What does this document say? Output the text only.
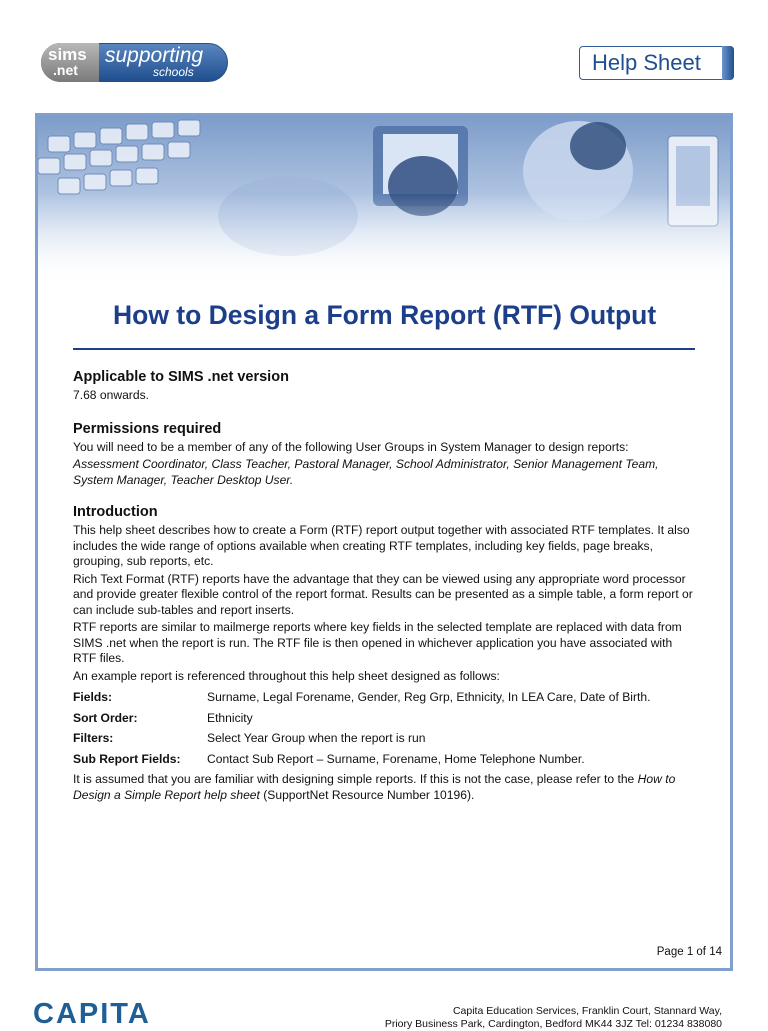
sims
.net
supporting
schools	Help Sheet
How to Design a Form Report (RTF) Output
Applicable to SIMS .net version
7.68 onwards.
Permissions required
You will need to be a member of any of the following User Groups in System Manager to design reports:
Assessment Coordinator, Class Teacher, Pastoral Manager, School Administrator, Senior Management Team, System Manager, Teacher Desktop User.
Introduction
This help sheet describes how to create a Form (RTF) report output together with associated RTF templates. It also includes the wide range of options available when creating RTF templates, including key fields, page breaks, grouping, sub reports, etc.
Rich Text Format (RTF) reports have the advantage that they can be viewed using any appropriate word processor and provide greater flexible control of the report format. Results can be presented as a simple table, a form report or can include sub-tables and report inserts.
RTF reports are similar to mailmerge reports where key fields in the selected template are replaced with data from SIMS .net when the report is run. The RTF file is then opened in whichever application you have associated with RTF files.
An example report is referenced throughout this help sheet designed as follows:
Fields:	Surname, Legal Forename, Gender, Reg Grp, Ethnicity, In LEA Care, Date of Birth.
Sort Order:	Ethnicity
Filters:	Select Year Group when the report is run
Sub Report Fields:	Contact Sub Report – Surname, Forename, Home Telephone Number.
It is assumed that you are familiar with designing simple reports. If this is not the case, please refer to the How to Design a Simple Report help sheet (SupportNet Resource Number 10196).
Page 1 of 14
CAPITA	Capita Education Services, Franklin Court, Stannard Way,
Priory Business Park, Cardington, Bedford MK44 3JZ Tel: 01234 838080
